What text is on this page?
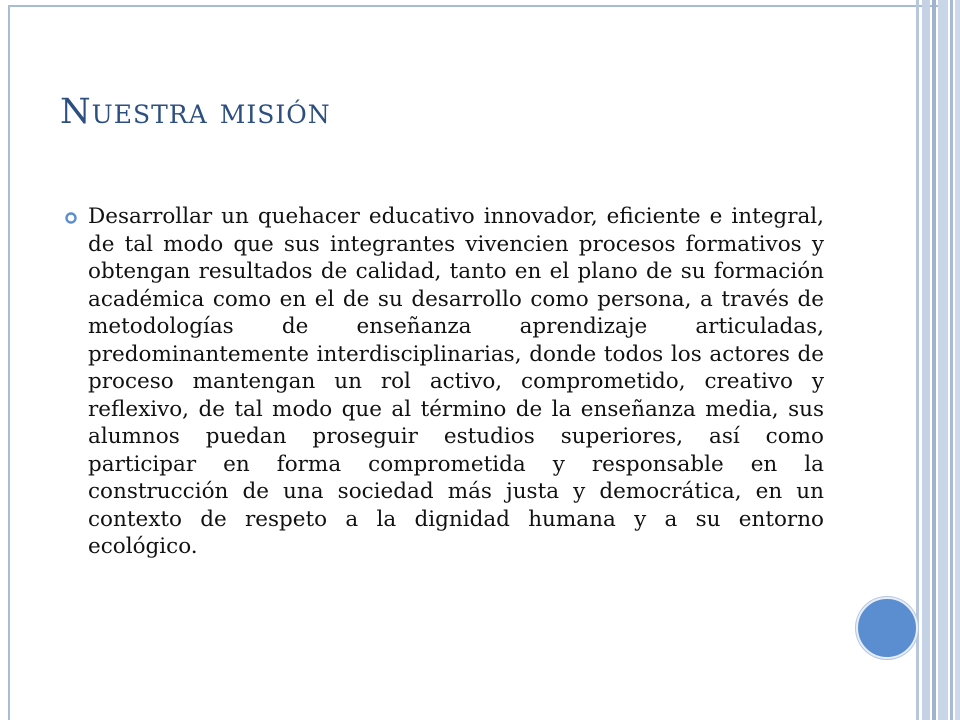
Nuestra misión

Desarrollar un quehacer educativo innovador, eficiente e integral, de tal modo que sus integrantes vivencien procesos formativos y obtengan resultados de calidad, tanto en el plano de su formación académica como en el de su desarrollo como persona, a través de metodologías de enseñanza aprendizaje articuladas, predominantemente interdisciplinarias, donde todos los actores de proceso mantengan un rol activo, comprometido, creativo y reflexivo, de tal modo que al término de la enseñanza media, sus alumnos puedan proseguir estudios superiores, así como participar en forma comprometida y responsable en la construcción de una sociedad más justa y democrática, en un contexto de respeto a la dignidad humana y a su entorno ecológico.
